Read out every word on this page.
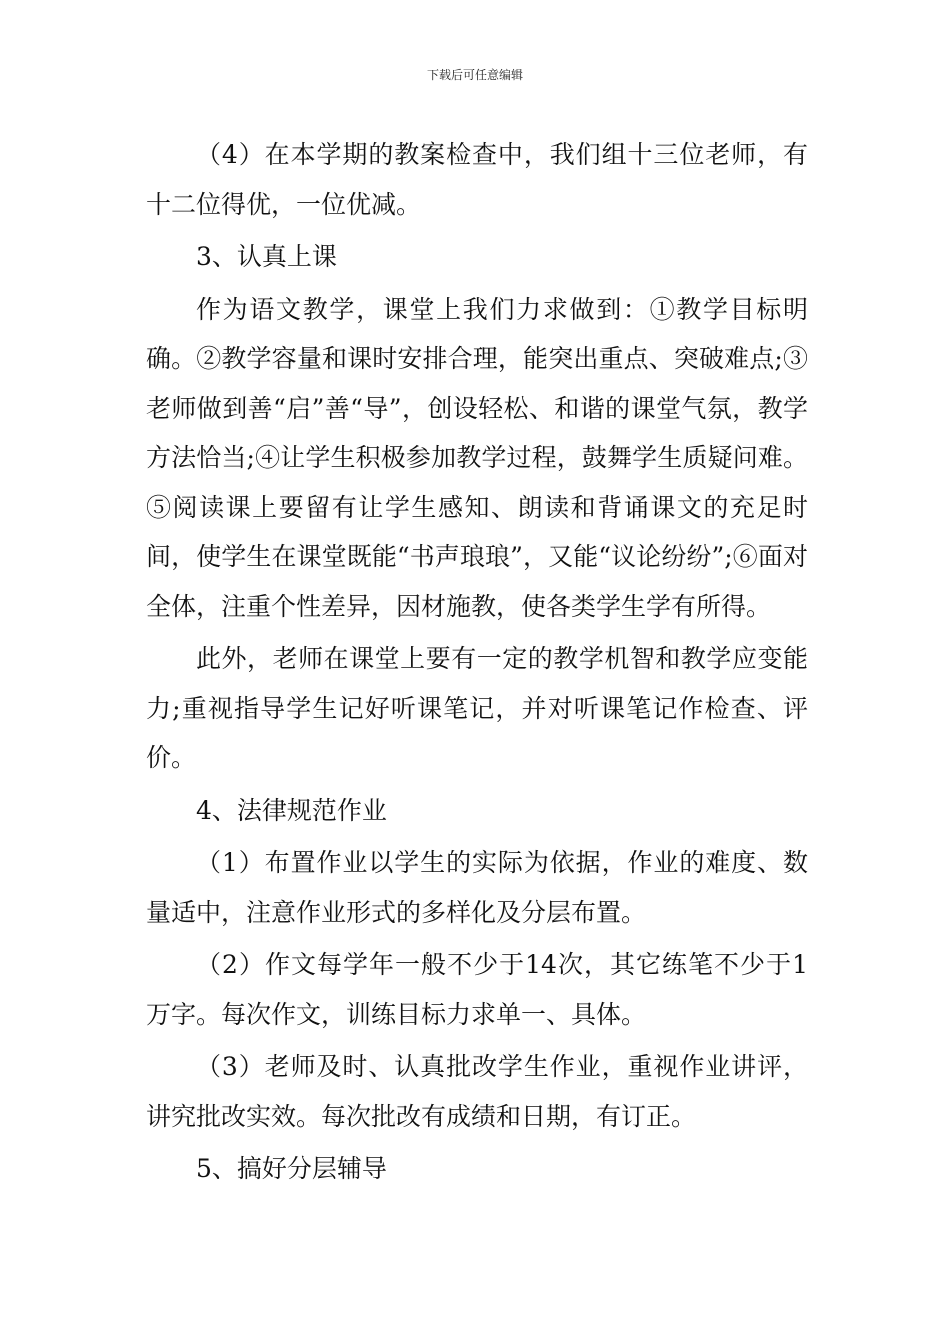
下载后可任意编辑

（4）在本学期的教案检查中，我们组十三位老师，有十二位得优，一位优减。

3、认真上课

作为语文教学，课堂上我们力求做到：①教学目标明确。②教学容量和课时安排合理，能突出重点、突破难点;③老师做到善“启”善“导”，创设轻松、和谐的课堂气氛，教学方法恰当;④让学生积极参加教学过程，鼓舞学生质疑问难。⑤阅读课上要留有让学生感知、朗读和背诵课文的充足时间，使学生在课堂既能“书声琅琅”，又能“议论纷纷”;⑥面对全体，注重个性差异，因材施教，使各类学生学有所得。

此外，老师在课堂上要有一定的教学机智和教学应变能力;重视指导学生记好听课笔记，并对听课笔记作检查、评价。

4、法律规范作业

（1）布置作业以学生的实际为依据，作业的难度、数量适中，注意作业形式的多样化及分层布置。

（2）作文每学年一般不少于14次，其它练笔不少于1万字。每次作文，训练目标力求单一、具体。

（3）老师及时、认真批改学生作业，重视作业讲评，讲究批改实效。每次批改有成绩和日期，有订正。

5、搞好分层辅导
